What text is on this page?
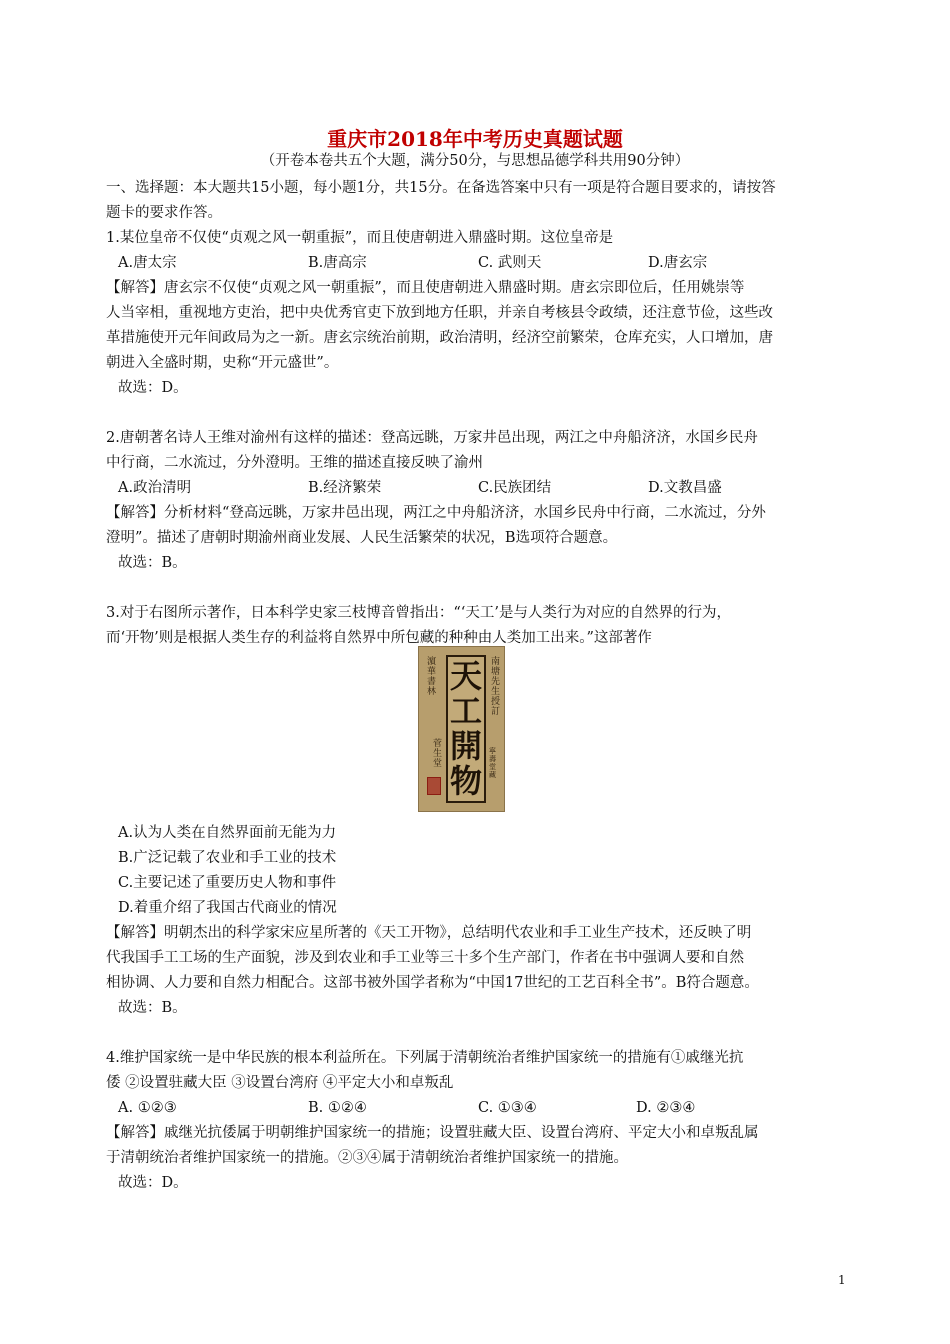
重庆市2018年中考历史真题试题
（开卷本卷共五个大题，满分50分，与思想品德学科共用90分钟）
一、选择题：本大题共15小题，每小题1分，共15分。在备选答案中只有一项是符合题目要求的，请按答
题卡的要求作答。
1.某位皇帝不仅使“贞观之风一朝重振”，而且使唐朝进入鼎盛时期。这位皇帝是
A.唐太宗	B.唐高宗	C. 武则天	D.唐玄宗
【解答】唐玄宗不仅使“贞观之风一朝重振”，而且使唐朝进入鼎盛时期。唐玄宗即位后，任用姚崇等
人当宰相，重视地方吏治，把中央优秀官吏下放到地方任职，并亲自考核县令政绩，还注意节俭，这些改
革措施使开元年间政局为之一新。唐玄宗统治前期，政治清明，经济空前繁荣，仓库充实，人口增加，唐
朝进入全盛时期，史称“开元盛世”。
故选：D。
2.唐朝著名诗人王维对渝州有这样的描述：登高远眺，万家井邑出现，两江之中舟船济济，水国乡民舟
中行商，二水流过，分外澄明。王维的描述直接反映了渝州
A.政治清明	B.经济繁荣	C.民族团结	D.文教昌盛
【解答】分析材料“登高远眺，万家井邑出现，两江之中舟船济济，水国乡民舟中行商，二水流过，分外
澄明”。描述了唐朝时期渝州商业发展、人民生活繁荣的状况，B选项符合题意。
故选：B。
3.对于右图所示著作，日本科学史家三枝博音曾指出：“‘天工’是与人类行为对应的自然界的行为，
而‘开物’则是根据人类生存的利益将自然界中所包藏的种种由人类加工出来。”这部著作
天
工
開
物
南塘先生授訂
寧壽堂藏
濵華書林
菅生堂
A.认为人类在自然界面前无能为力
B.广泛记载了农业和手工业的技术
C.主要记述了重要历史人物和事件
D.着重介绍了我国古代商业的情况
【解答】明朝杰出的科学家宋应星所著的《天工开物》，总结明代农业和手工业生产技术，还反映了明
代我国手工工场的生产面貌，涉及到农业和手工业等三十多个生产部门，作者在书中强调人要和自然
相协调、人力要和自然力相配合。这部书被外国学者称为“中国17世纪的工艺百科全书”。B符合题意。
故选：B。
4.维护国家统一是中华民族的根本利益所在。下列属于清朝统治者维护国家统一的措施有①戚继光抗
倭 ②设置驻藏大臣 ③设置台湾府 ④平定大小和卓叛乱
A. ①②③	B. ①②④	C. ①③④	D. ②③④
【解答】戚继光抗倭属于明朝维护国家统一的措施；设置驻藏大臣、设置台湾府、平定大小和卓叛乱属
于清朝统治者维护国家统一的措施。②③④属于清朝统治者维护国家统一的措施。
故选：D。
1
